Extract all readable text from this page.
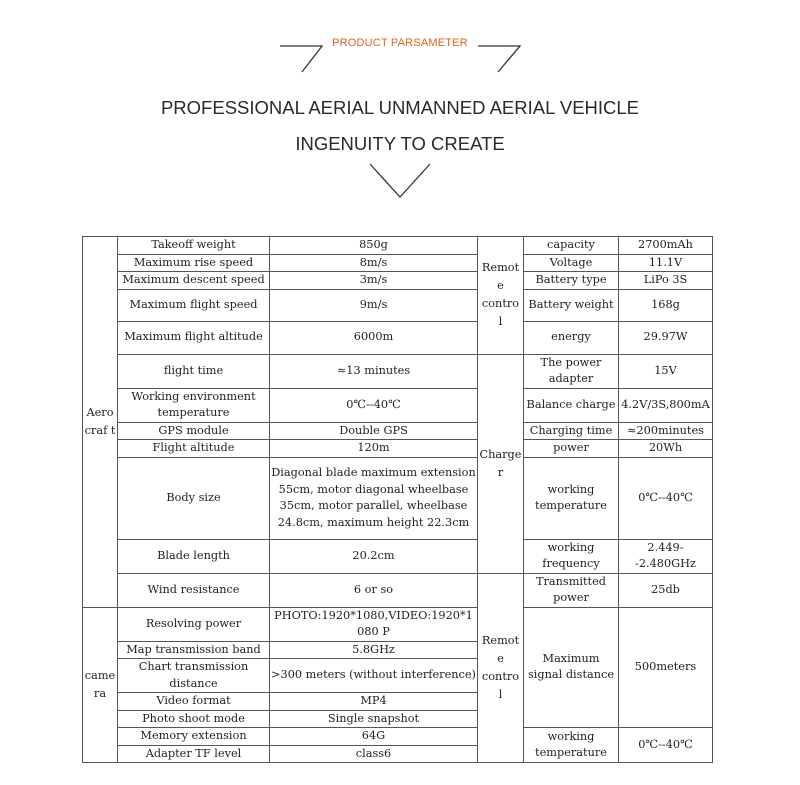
PRODUCT PARSAMETER
PROFESSIONAL AERIAL UNMANNED AERIAL VEHICLE
INGENUITY TO CREATE
Aero craf t	Takeoff weight	850g	Remote contro l	capacity	2700mAh
	Maximum rise speed	8m/s		Voltage	11.1V
	Maximum descent speed	3m/s		Battery type	LiPo 3S
	Maximum flight speed	9m/s		Battery weight	168g
	Maximum flight altitude	6000m		energy	29.97W
	flight time	≈13 minutes	Charge r	The power adapter	15V
	Working environment temperature	0℃--40℃		Balance charge	4.2V/3S,800mA
	GPS module	Double GPS		Charging time	≈200minutes
	Flight altitude	120m		power	20Wh
	Body size	Diagonal blade maximum extension 55cm, motor diagonal wheelbase 35cm, motor parallel, wheelbase 24.8cm, maximum height 22.3cm		working temperature	0℃--40℃
	Blade length	20.2cm		working frequency	2.449--2.480GHz
	Wind resistance	6 or so	Remote contro l	Transmitted power	25db
came ra	Resolving power	PHOTO:1920*1080,VIDEO:1920*1080 P		Maximum signal distance	500meters
	Map transmission band	5.8GHz			
	Chart transmission distance	>300 meters (without interference)			
	Video format	MP4			
	Photo shoot mode	Single snapshot			
	Memory extension	64G		working temperature	0℃--40℃
	Adapter TF level	class6			
